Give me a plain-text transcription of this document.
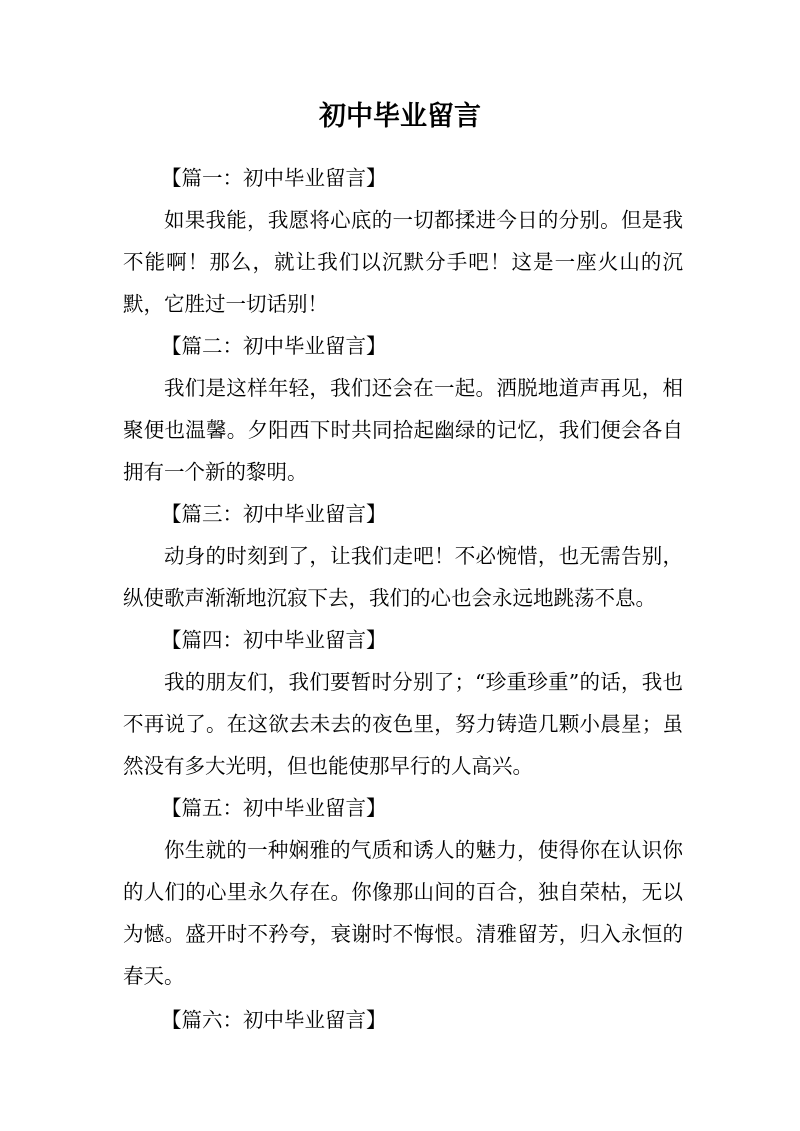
初中毕业留言
【篇一：初中毕业留言】

如果我能，我愿将心底的一切都揉进今日的分别。但是我不能啊！那么，就让我们以沉默分手吧！这是一座火山的沉默，它胜过一切话别！

【篇二：初中毕业留言】

我们是这样年轻，我们还会在一起。洒脱地道声再见，相聚便也温馨。夕阳西下时共同拾起幽绿的记忆，我们便会各自拥有一个新的黎明。

【篇三：初中毕业留言】

动身的时刻到了，让我们走吧！不必惋惜，也无需告别，纵使歌声渐渐地沉寂下去，我们的心也会永远地跳荡不息。

【篇四：初中毕业留言】

我的朋友们，我们要暂时分别了；“珍重珍重”的话，我也不再说了。在这欲去未去的夜色里，努力铸造几颗小晨星；虽然没有多大光明，但也能使那早行的人高兴。

【篇五：初中毕业留言】

你生就的一种娴雅的气质和诱人的魅力，使得你在认识你的人们的心里永久存在。你像那山间的百合，独自荣枯，无以为憾。盛开时不矜夸，衰谢时不悔恨。清雅留芳，归入永恒的春天。

【篇六：初中毕业留言】
